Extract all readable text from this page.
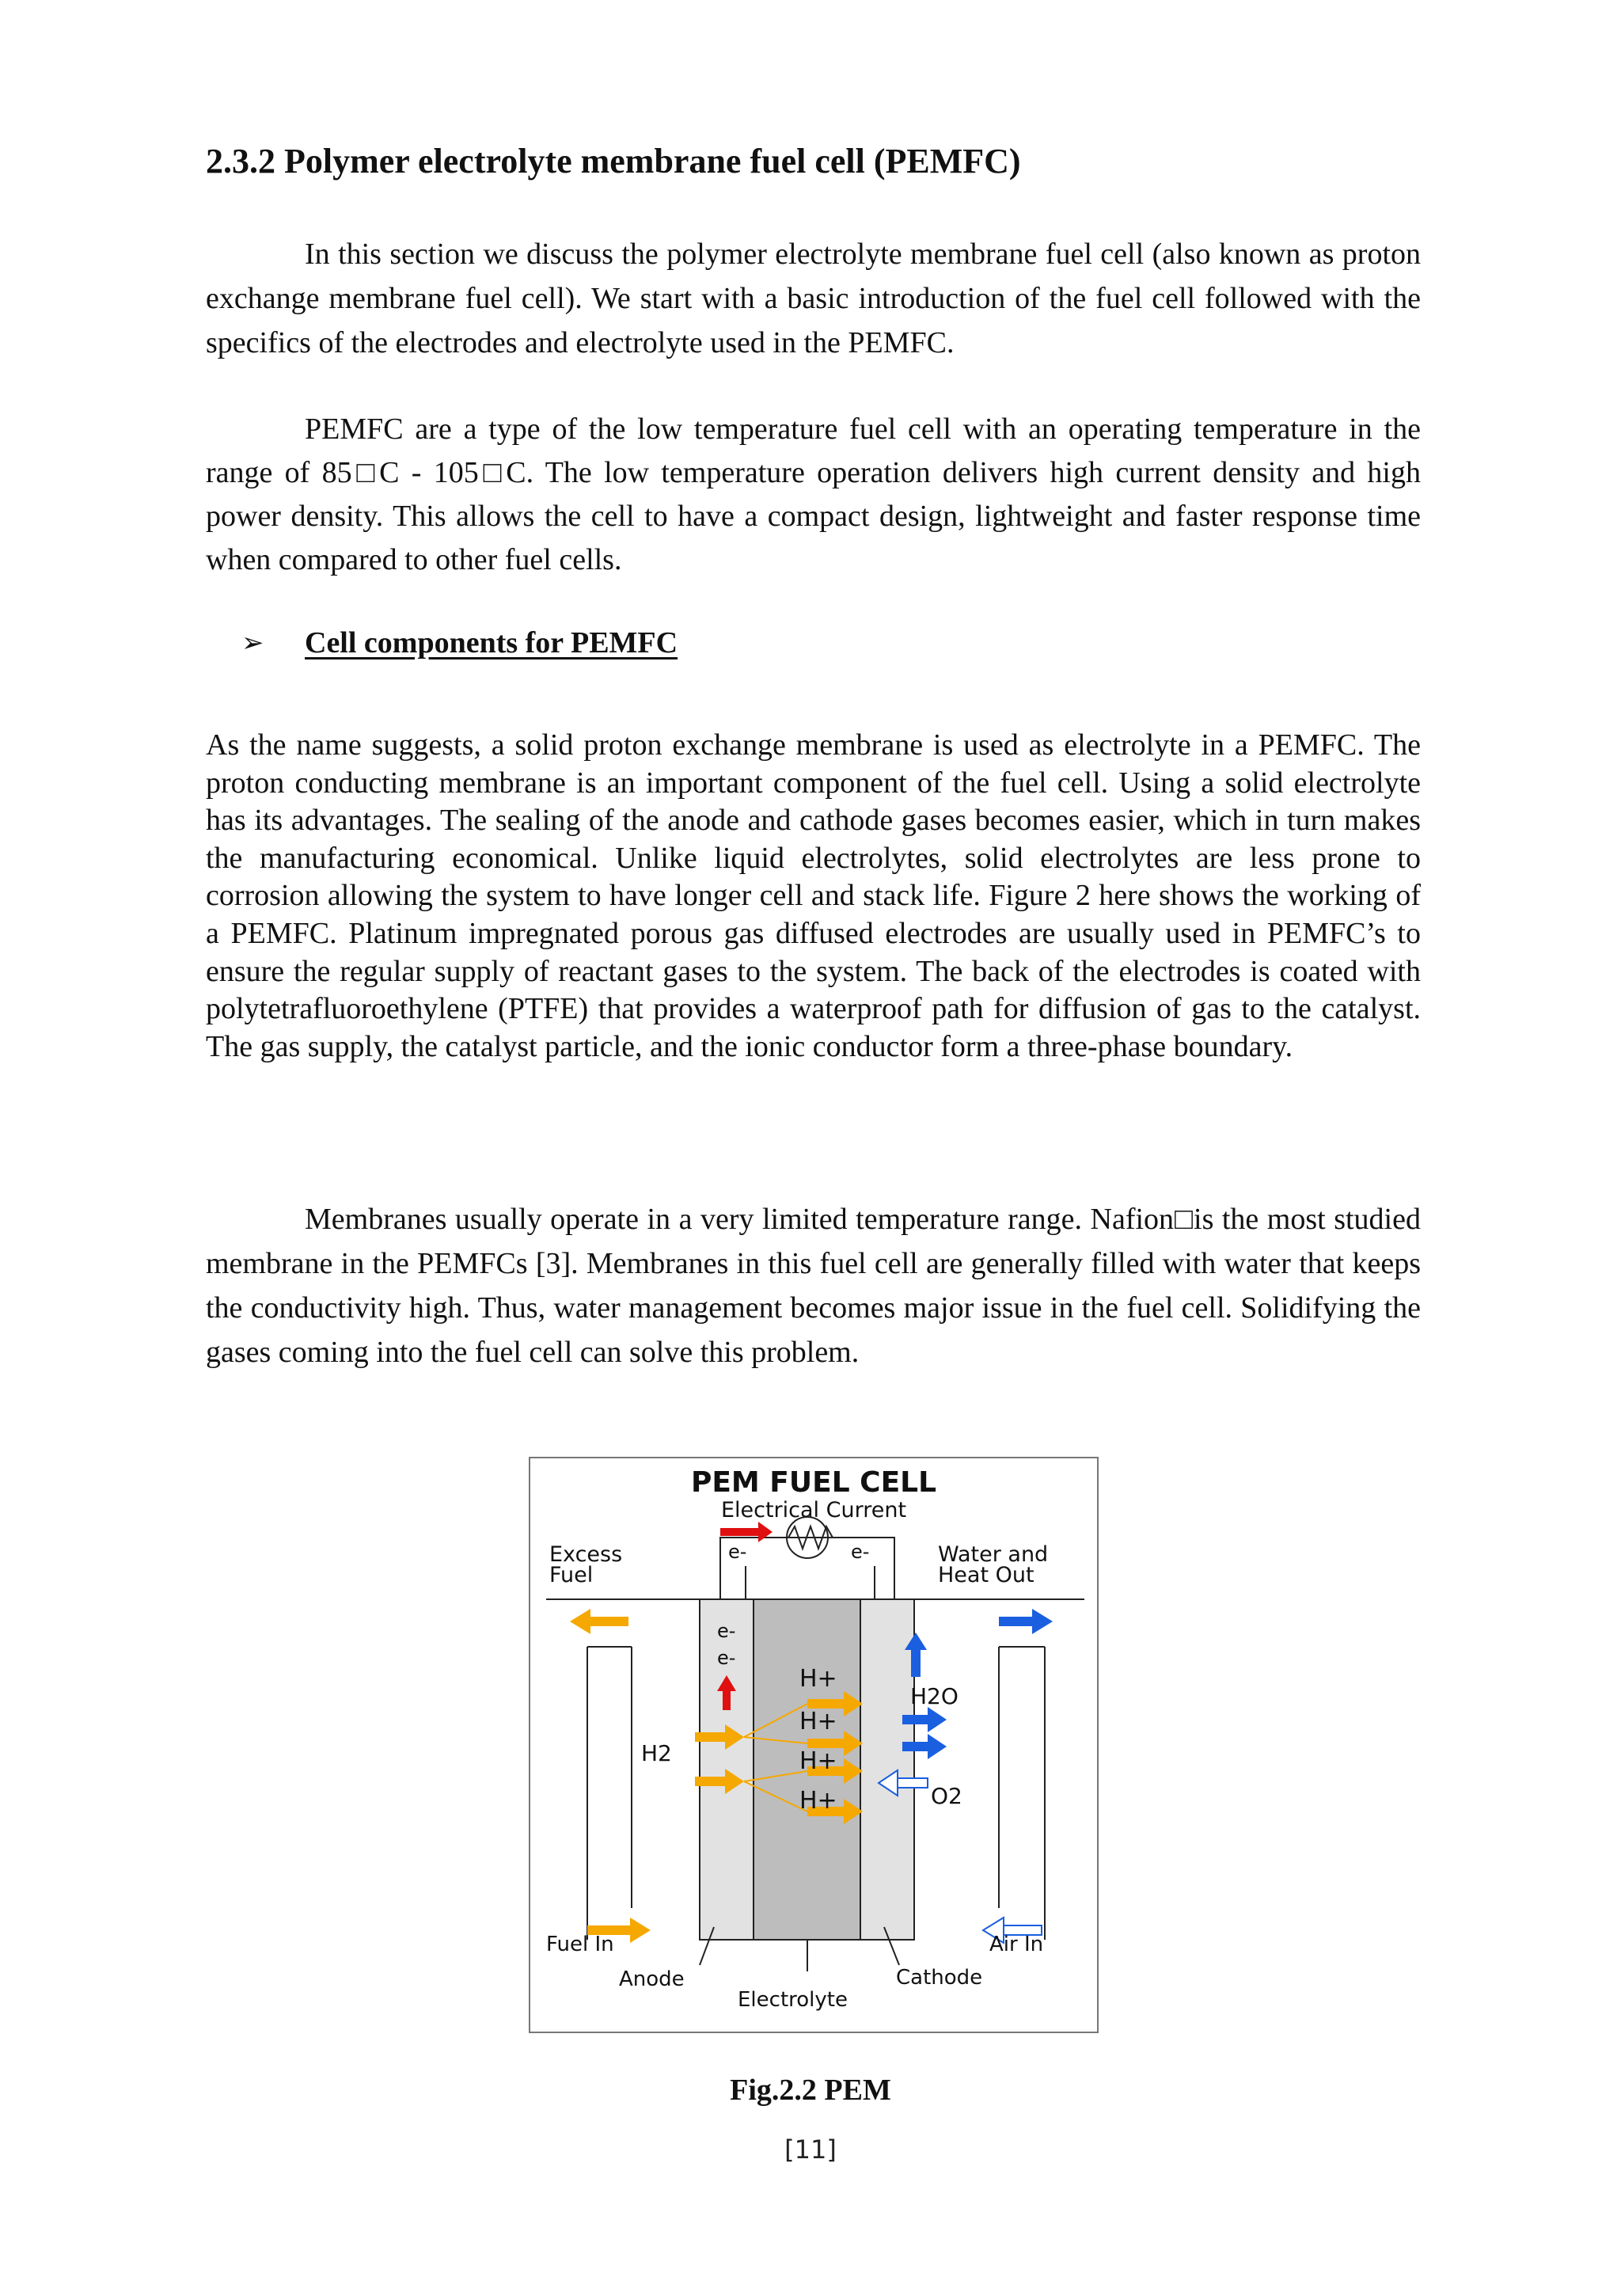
2.3.2 Polymer electrolyte membrane fuel cell (PEMFC)

In this section we discuss the polymer electrolyte membrane fuel cell (also known as proton exchange membrane fuel cell). We start with a basic introduction of the fuel cell followed with the specifics of the electrodes and electrolyte used in the PEMFC.

PEMFC are a type of the low temperature fuel cell with an operating temperature in the range of 85□C - 105□C. The low temperature operation delivers high current density and high power density. This allows the cell to have a compact design, lightweight and faster response time when compared to other fuel cells.

➢	Cell components for PEMFC

As the name suggests, a solid proton exchange membrane is used as electrolyte in a PEMFC. The proton conducting membrane is an important component of the fuel cell. Using a solid electrolyte has its advantages. The sealing of the anode and cathode gases becomes easier, which in turn makes the manufacturing economical. Unlike liquid electrolytes, solid electrolytes are less prone to corrosion allowing the system to have longer cell and stack life. Figure 2 here shows the working of a PEMFC. Platinum impregnated porous gas diffused electrodes are usually used in PEMFC’s to ensure the regular supply of reactant gases to the system. The back of the electrodes is coated with polytetrafluoroethylene (PTFE) that provides a waterproof path for diffusion of gas to the catalyst. The gas supply, the catalyst particle, and the ionic conductor form a three-phase boundary.

Membranes usually operate in a very limited temperature range. Nafion□is the most studied membrane in the PEMFCs [3]. Membranes in this fuel cell are generally filled with water that keeps the conductivity high. Thus, water management becomes major issue in the fuel cell. Solidifying the gases coming into the fuel cell can solve this problem.

PEM FUEL CELL
Electrical Current
e-	e-
Excess
Fuel
Water and
Heat Out
e-
e-
H2
H+
H+
H+
H+
H2O
O2
Fuel In	Air In
Anode
Electrolyte
Cathode

Fig.2.2 PEM

[11]
